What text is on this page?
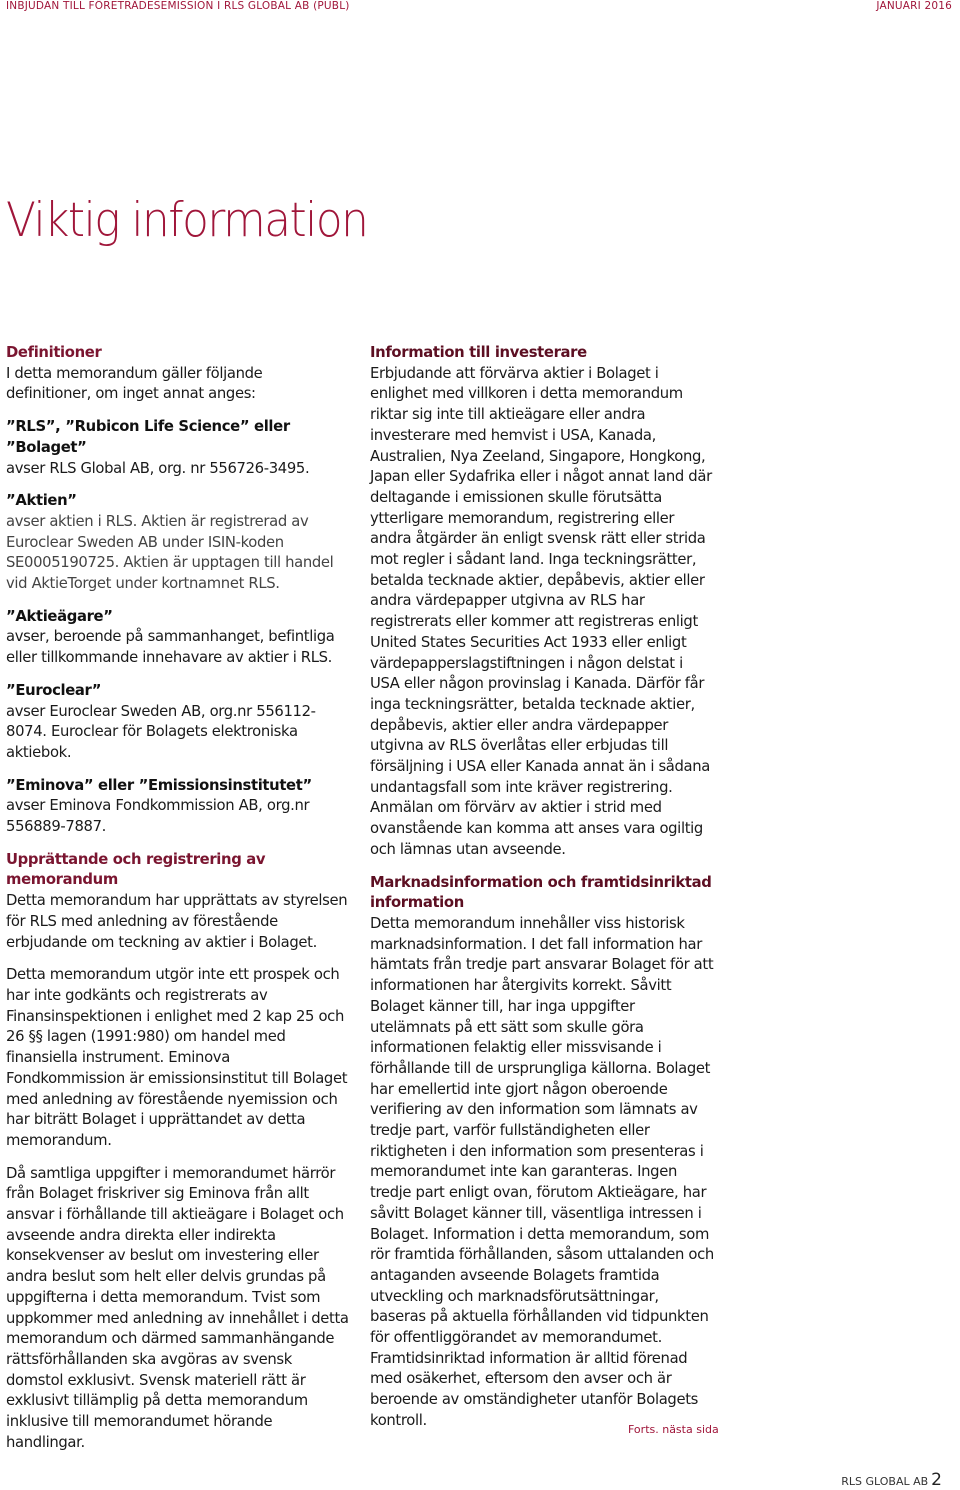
INBJUDAN TILL FÖRETRÄDESEMISSION I RLS GLOBAL AB (PUBL)	JANUARI 2016
Viktig information
Definitioner

I detta memorandum gäller följande definitioner, om inget annat anges:

”RLS”, ”Rubicon Life Science” eller ”Bolaget”

avser RLS Global AB, org. nr 556726-3495.

”Aktien”

avser aktien i RLS. Aktien är registrerad av Euroclear Sweden AB under ISIN-koden SE0005190725. Aktien är upptagen till handel vid AktieTorget under kortnamnet RLS.

”Aktieägare”

avser, beroende på sammanhanget, befintliga eller tillkommande innehavare av aktier i RLS.

”Euroclear”

avser Euroclear Sweden AB, org.nr 556112-8074. Euroclear för Bolagets elektroniska aktiebok.

”Eminova” eller ”Emissionsinstitutet”

avser Eminova Fondkommission AB, org.nr 556889-7887.

Upprättande och registrering av memorandum

Detta memorandum har upprättats av styrelsen för RLS med anledning av förestående erbjudande om teckning av aktier i Bolaget.

Detta memorandum utgör inte ett prospek och har inte godkänts och registrerats av Finansinspektionen i enlighet med 2 kap 25 och 26 §§ lagen (1991:980) om handel med finansiella instrument. Eminova Fondkommission är emissionsinstitut till Bolaget med anledning av förestående nyemission och har biträtt Bolaget i upprättandet av detta memorandum.

Då samtliga uppgifter i memorandumet härrör från Bolaget friskriver sig Eminova från allt ansvar i förhållande till aktieägare i Bolaget och avseende andra direkta eller indirekta konsekvenser av beslut om investering eller andra beslut som helt eller delvis grundas på uppgifterna i detta memorandum. Tvist som uppkommer med anledning av innehållet i detta memorandum och därmed sammanhängande rättsförhållanden ska avgöras av svensk domstol exklusivt. Svensk materiell rätt är exklusivt tillämplig på detta memorandum inklusive till memorandumet hörande handlingar.

Information till investerare

Erbjudande att förvärva aktier i Bolaget i enlighet med villkoren i detta memorandum riktar sig inte till aktieägare eller andra investerare med hemvist i USA, Kanada, Australien, Nya Zeeland, Singapore, Hongkong, Japan eller Sydafrika eller i något annat land där deltagande i emissionen skulle förutsätta ytterligare memorandum, registrering eller andra åtgärder än enligt svensk rätt eller strida mot regler i sådant land. Inga teckningsrätter, betalda tecknade aktier, depåbevis, aktier eller andra värdepapper utgivna av RLS har registrerats eller kommer att registreras enligt United States Securities Act 1933 eller enligt värdepapperslagstiftningen i någon delstat i USA eller någon provinslag i Kanada. Därför får inga teckningsrätter, betalda tecknade aktier, depåbevis, aktier eller andra värdepapper utgivna av RLS överlåtas eller erbjudas till försäljning i USA eller Kanada annat än i sådana undantagsfall som inte kräver registrering. Anmälan om förvärv av aktier i strid med ovanstående kan komma att anses vara ogiltig och lämnas utan avseende.

Marknadsinformation och framtidsinriktad information

Detta memorandum innehåller viss historisk marknadsinformation. I det fall information har hämtats från tredje part ansvarar Bolaget för att informationen har återgivits korrekt. Såvitt Bolaget känner till, har inga uppgifter utelämnats på ett sätt som skulle göra informationen felaktig eller missvisande i förhållande till de ursprungliga källorna. Bolaget har emellertid inte gjort någon oberoende verifiering av den information som lämnats av tredje part, varför fullständigheten eller riktigheten i den information som presenteras i memorandumet inte kan garanteras. Ingen tredje part enligt ovan, förutom Aktieägare, har såvitt Bolaget känner till, väsentliga intressen i Bolaget. Information i detta memorandum, som rör framtida förhållanden, såsom uttalanden och antaganden avseende Bolagets framtida utveckling och marknadsförutsättningar, baseras på aktuella förhållanden vid tidpunkten för offentliggörandet av memorandumet. Framtidsinriktad information är alltid förenad med osäkerhet, eftersom den avser och är beroende av omständigheter utanför Bolagets kontroll.

Forts. nästa sida
RLS GLOBAL AB 2
